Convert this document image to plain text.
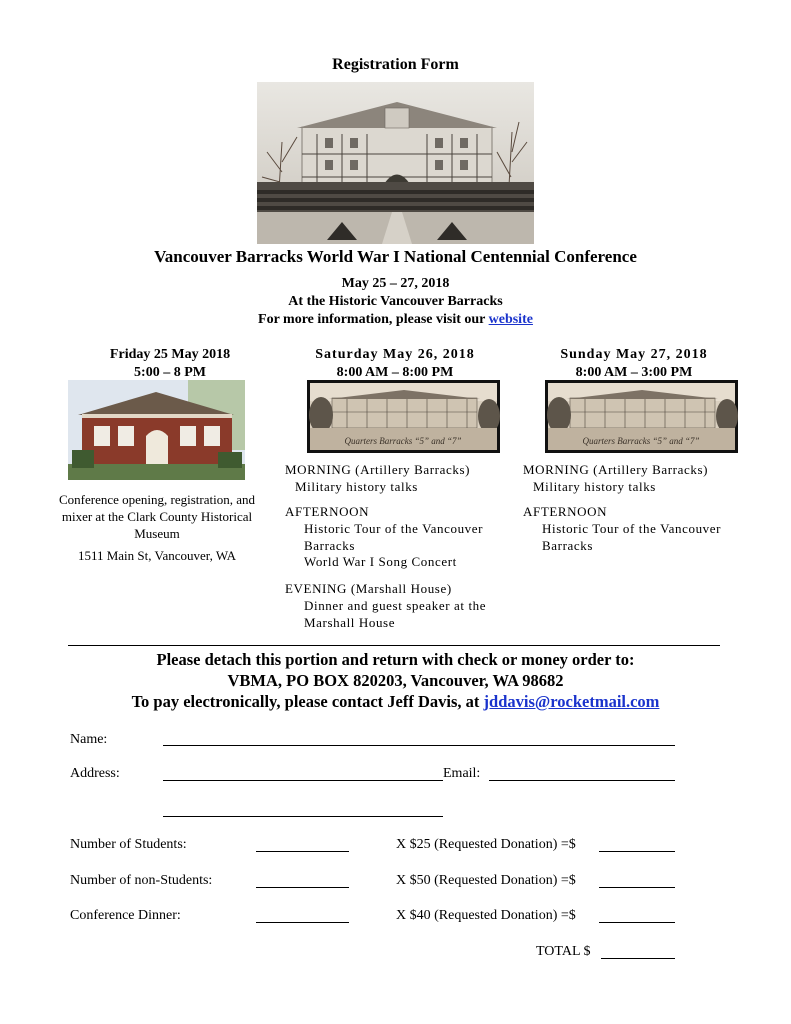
Registration Form
Vancouver Barracks World War I National Centennial Conference
May 25 – 27, 2018
At the Historic Vancouver Barracks
For more information, please visit our website
Friday 25 May 2018
5:00 – 8 PM
Conference opening, registration, and mixer at the Clark County Historical Museum
1511 Main St, Vancouver, WA
Saturday May 26, 2018
8:00 AM – 8:00 PM
Quarters Barracks “5” and “7”
MORNING (Artillery Barracks)
Military history talks
AFTERNOON
Historic Tour of the Vancouver Barracks
World War I Song Concert
EVENING (Marshall House)
Dinner and guest speaker at the Marshall House
Sunday May 27, 2018
8:00 AM – 3:00 PM
Quarters Barracks “5” and “7”
MORNING (Artillery Barracks)
Military history talks
AFTERNOON
Historic Tour of the Vancouver Barracks
Please detach this portion and return with check or money order to:
VBMA, PO BOX 820203, Vancouver, WA 98682
To pay electronically, please contact Jeff Davis, at jddavis@rocketmail.com
Name:
Address:	Email:
Number of Students:	X $25 (Requested Donation) =$
Number of non-Students:	X $50 (Requested Donation) =$
Conference Dinner:	X $40 (Requested Donation) =$
TOTAL $
